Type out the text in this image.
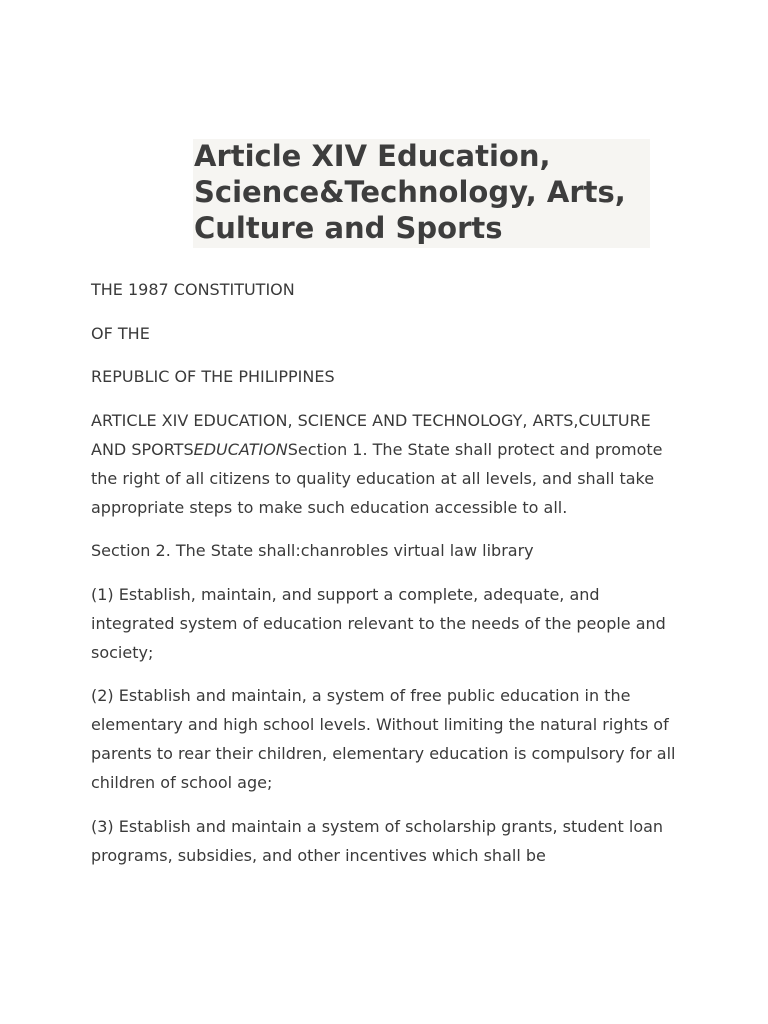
Article XIV Education, Science&Technology, Arts, Culture and Sports

THE 1987 CONSTITUTION

OF THE

REPUBLIC OF THE PHILIPPINES

ARTICLE XIV EDUCATION, SCIENCE AND TECHNOLOGY, ARTS,CULTURE AND SPORTSEDUCATIONSection 1. The State shall protect and promote the right of all citizens to quality education at all levels, and shall take appropriate steps to make such education accessible to all.

Section 2. The State shall:chanrobles virtual law library

(1) Establish, maintain, and support a complete, adequate, and integrated system of education relevant to the needs of the people and society;

(2) Establish and maintain, a system of free public education in the elementary and high school levels. Without limiting the natural rights of parents to rear their children, elementary education is compulsory for all children of school age;

(3) Establish and maintain a system of scholarship grants, student loan programs, subsidies, and other incentives which shall be
